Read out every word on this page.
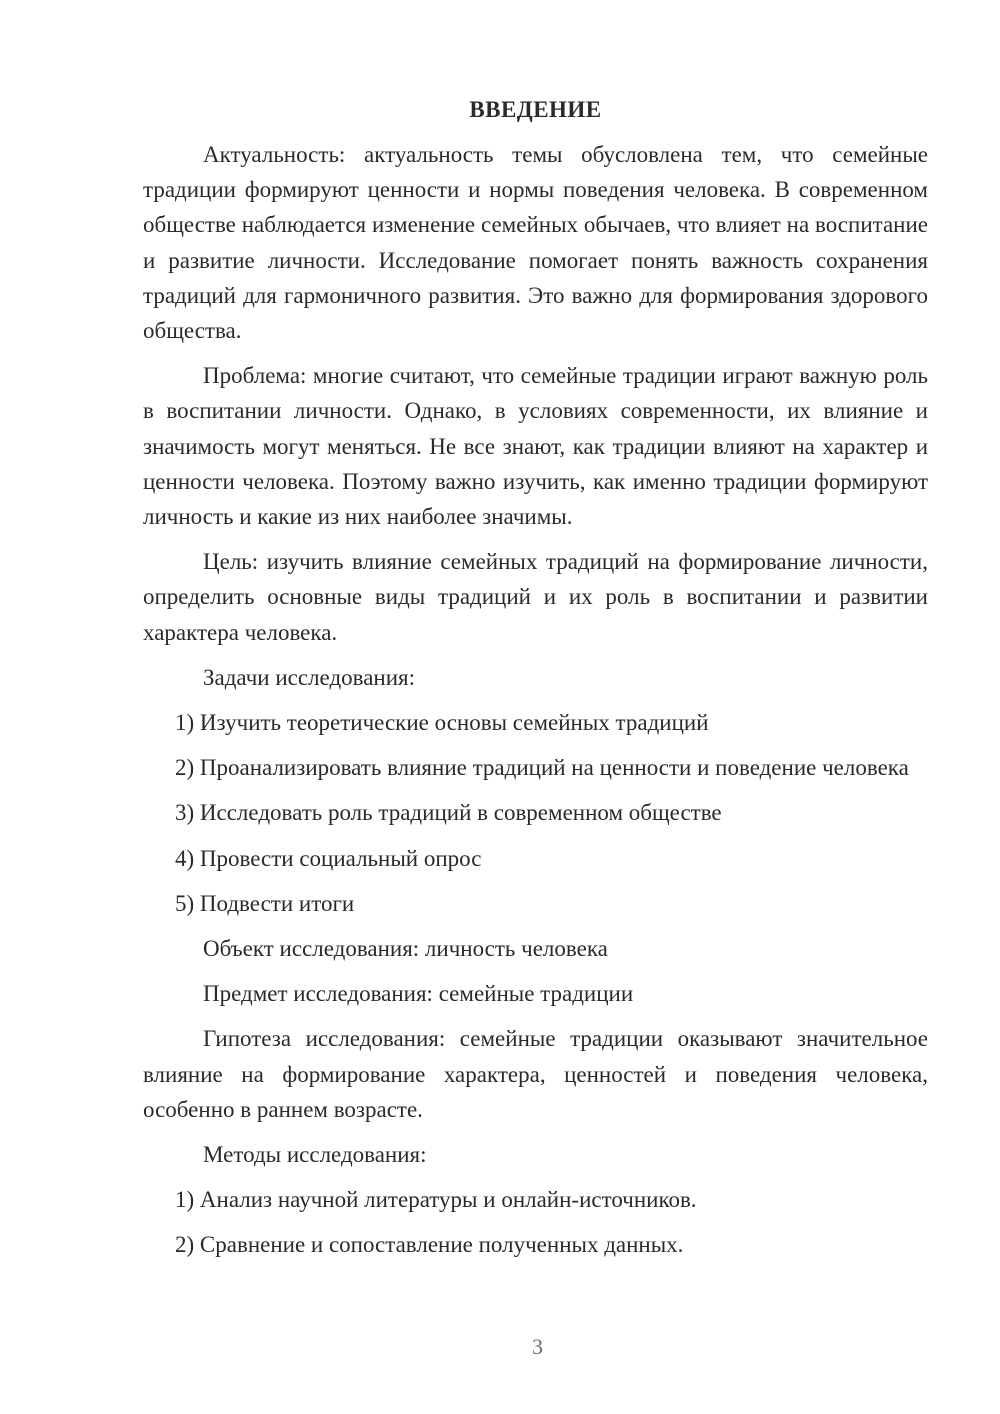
ВВЕДЕНИЕ

Актуальность: актуальность темы обусловлена тем, что семейные традиции формируют ценности и нормы поведения человека. В современном обществе наблюдается изменение семейных обычаев, что влияет на воспитание и развитие личности. Исследование помогает понять важность сохранения традиций для гармоничного развития. Это важно для формирования здорового общества.

Проблема: многие считают, что семейные традиции играют важную роль в воспитании личности. Однако, в условиях современности, их влияние и значимость могут меняться. Не все знают, как традиции влияют на характер и ценности человека. Поэтому важно изучить, как именно традиции формируют личность и какие из них наиболее значимы.

Цель: изучить влияние семейных традиций на формирование личности, определить основные виды традиций и их роль в воспитании и развитии характера человека.

Задачи исследования:

1) Изучить теоретические основы семейных традиций

2) Проанализировать влияние традиций на ценности и поведение человека

3) Исследовать роль традиций в современном обществе

4) Провести социальный опрос

5) Подвести итоги

Объект исследования: личность человека

Предмет исследования: семейные традиции

Гипотеза исследования: семейные традиции оказывают значительное влияние на формирование характера, ценностей и поведения человека, особенно в раннем возрасте.

Методы исследования:

1) Анализ научной литературы и онлайн-источников.

2) Сравнение и сопоставление полученных данных.

3
